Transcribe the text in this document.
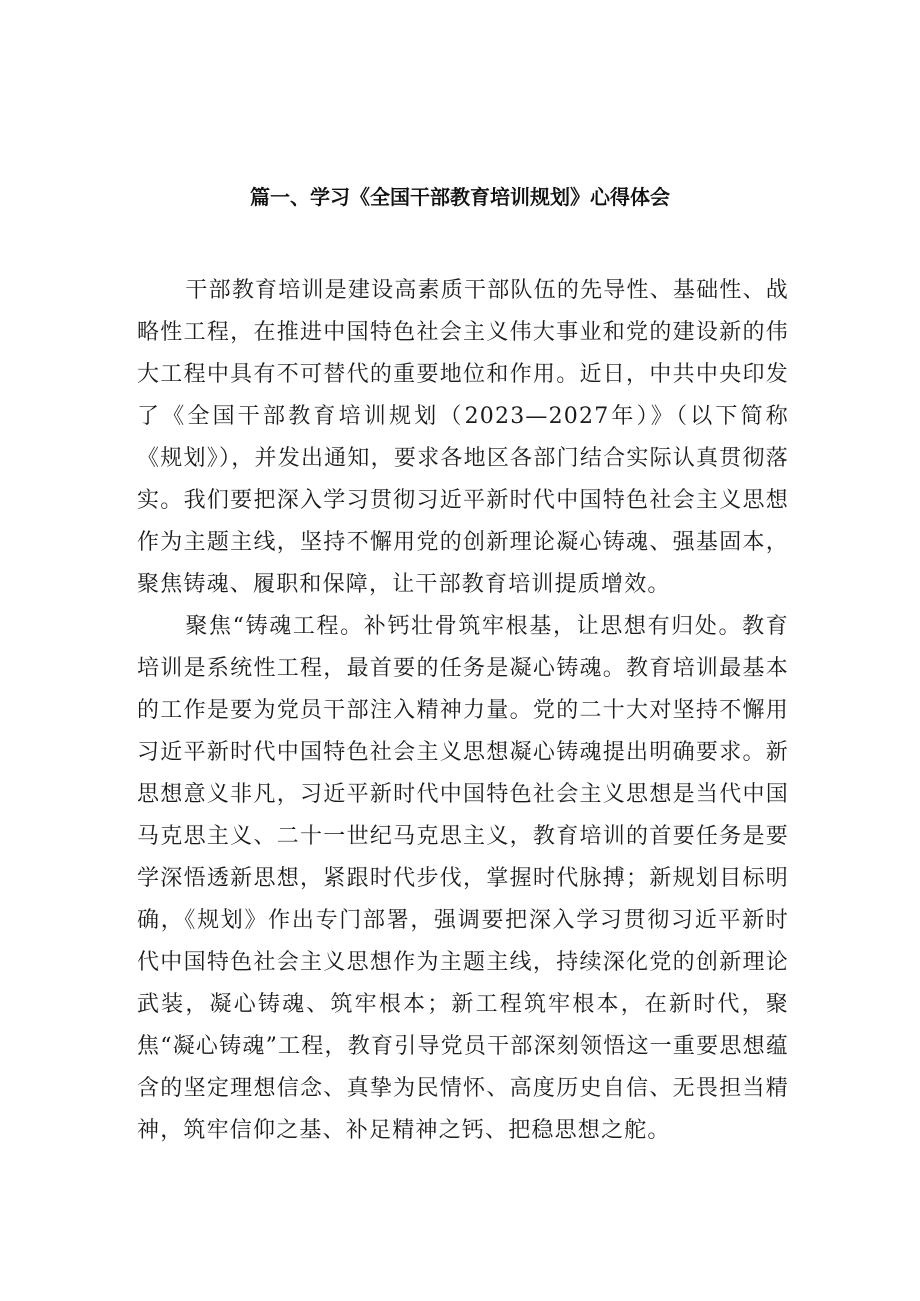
篇一、学习《全国干部教育培训规划》心得体会

干部教育培训是建设高素质干部队伍的先导性、基础性、战略性工程，在推进中国特色社会主义伟大事业和党的建设新的伟大工程中具有不可替代的重要地位和作用。近日，中共中央印发了《全国干部教育培训规划（2023—2027年）》（以下简称《规划》），并发出通知，要求各地区各部门结合实际认真贯彻落实。我们要把深入学习贯彻习近平新时代中国特色社会主义思想作为主题主线，坚持不懈用党的创新理论凝心铸魂、强基固本，聚焦铸魂、履职和保障，让干部教育培训提质增效。

聚焦“铸魂工程。补钙壮骨筑牢根基，让思想有归处。教育培训是系统性工程，最首要的任务是凝心铸魂。教育培训最基本的工作是要为党员干部注入精神力量。党的二十大对坚持不懈用习近平新时代中国特色社会主义思想凝心铸魂提出明确要求。新思想意义非凡，习近平新时代中国特色社会主义思想是当代中国马克思主义、二十一世纪马克思主义，教育培训的首要任务是要学深悟透新思想，紧跟时代步伐，掌握时代脉搏；新规划目标明确，《规划》作出专门部署，强调要把深入学习贯彻习近平新时代中国特色社会主义思想作为主题主线，持续深化党的创新理论武装，凝心铸魂、筑牢根本；新工程筑牢根本，在新时代，聚焦“凝心铸魂”工程，教育引导党员干部深刻领悟这一重要思想蕴含的坚定理想信念、真挚为民情怀、高度历史自信、无畏担当精神，筑牢信仰之基、补足精神之钙、把稳思想之舵。
